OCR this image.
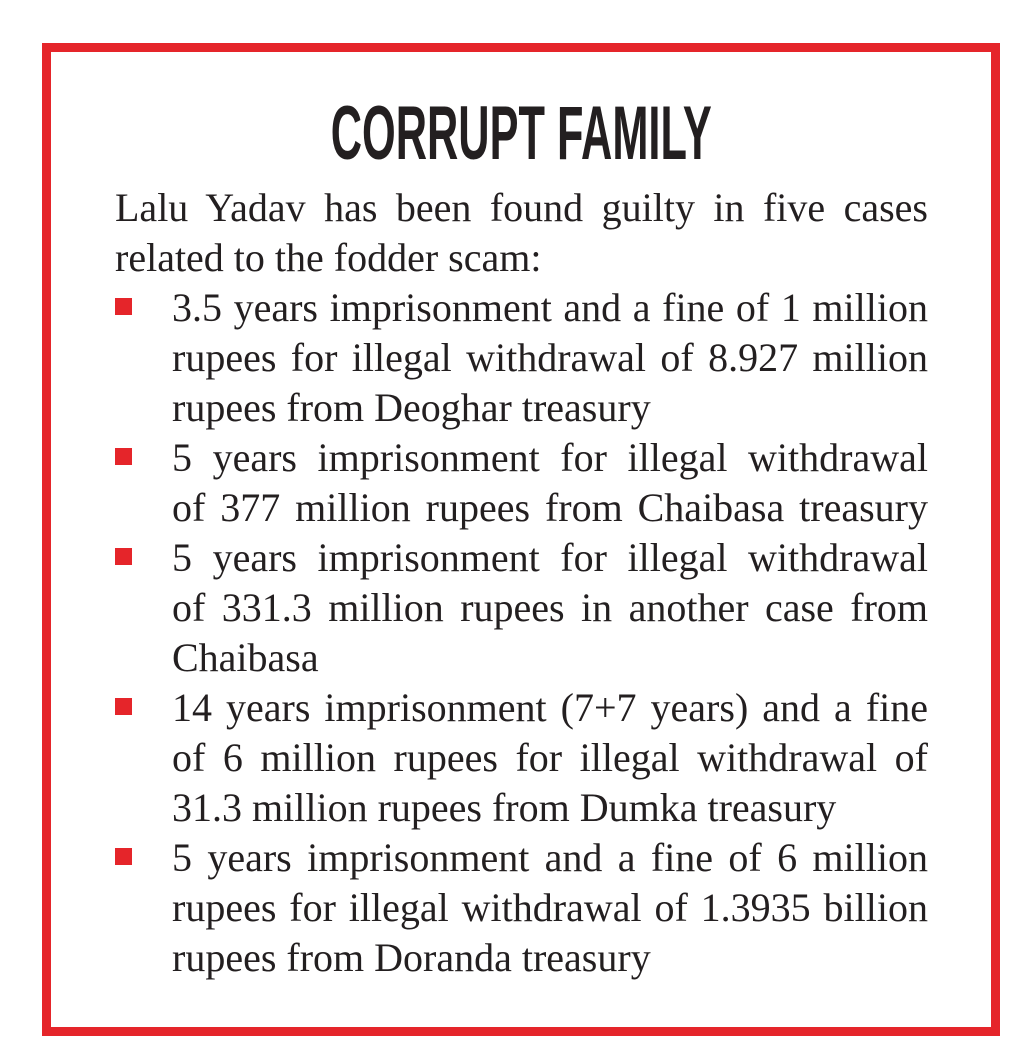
CORRUPT FAMILY
Lalu Yadav has been found guilty in five cases
related to the fodder scam:
3.5 years imprisonment and a fine of 1 million
rupees for illegal withdrawal of 8.927 million
rupees from Deoghar treasury
5 years imprisonment for illegal withdrawal
of 377 million rupees from Chaibasa treasury
5 years imprisonment for illegal withdrawal
of 331.3 million rupees in another case from
Chaibasa
14 years imprisonment (7+7 years) and a fine
of 6 million rupees for illegal withdrawal of
31.3 million rupees from Dumka treasury
5 years imprisonment and a fine of 6 million
rupees for illegal withdrawal of 1.3935 billion
rupees from Doranda treasury
